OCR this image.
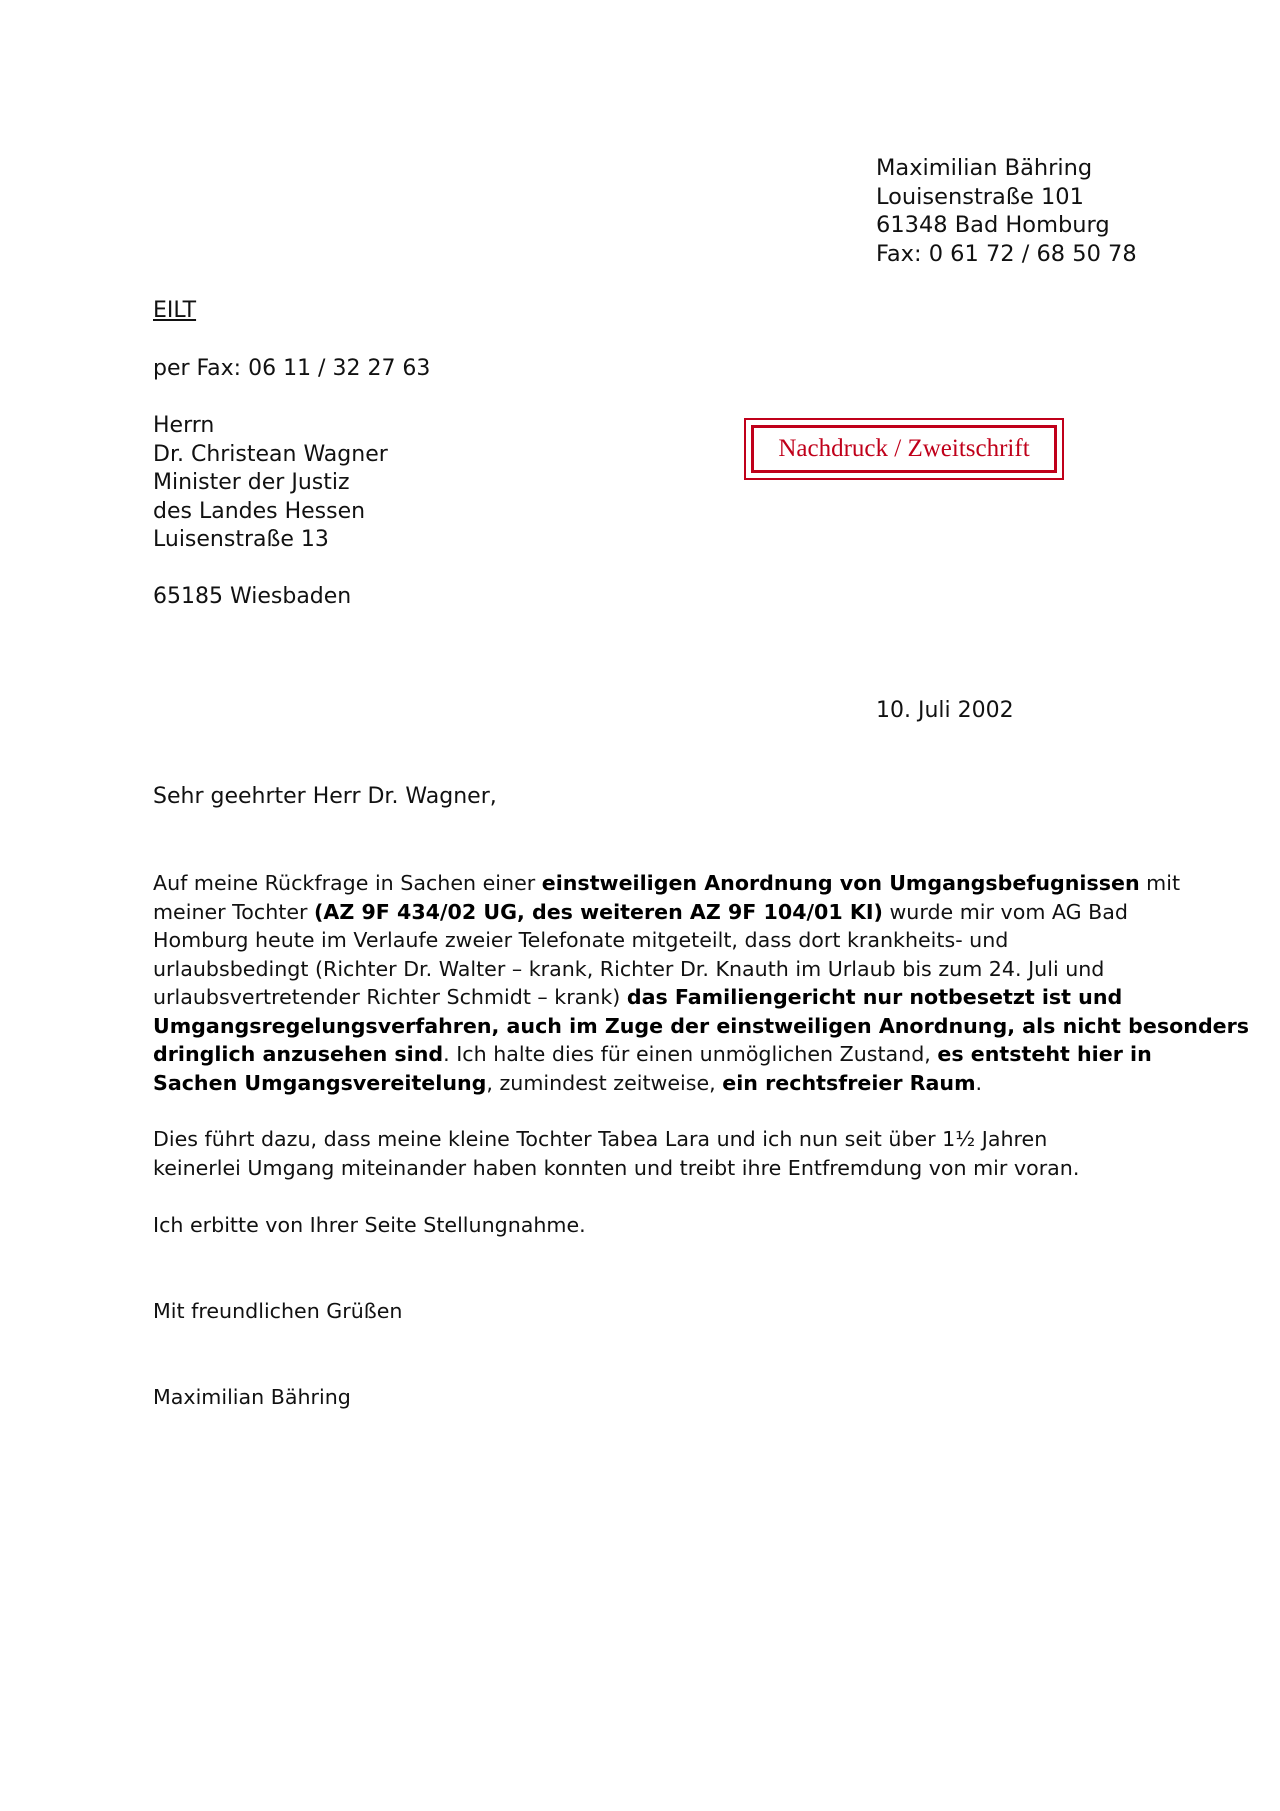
Maximilian Bähring
Louisenstraße 101
61348 Bad Homburg
Fax: 0 61 72 / 68 50 78
EILT
per Fax: 06 11 / 32 27 63
Herrn
Dr. Christean Wagner
Minister der Justiz
des Landes Hessen
Luisenstraße 13
65185 Wiesbaden
Nachdruck / Zweitschrift
10. Juli 2002
Sehr geehrter Herr Dr. Wagner,
Auf meine Rückfrage in Sachen einer einstweiligen Anordnung von Umgangsbefugnissen mit
meiner Tochter (AZ 9F 434/02 UG, des weiteren AZ 9F 104/01 KI) wurde mir vom AG Bad
Homburg heute im Verlaufe zweier Telefonate mitgeteilt, dass dort krankheits- und
urlaubsbedingt (Richter Dr. Walter – krank, Richter Dr. Knauth im Urlaub bis zum 24. Juli und
urlaubsvertretender Richter Schmidt – krank) das Familiengericht nur notbesetzt ist und
Umgangsregelungsverfahren, auch im Zuge der einstweiligen Anordnung, als nicht besonders
dringlich anzusehen sind. Ich halte dies für einen unmöglichen Zustand, es entsteht hier in
Sachen Umgangsvereitelung, zumindest zeitweise, ein rechtsfreier Raum.
Dies führt dazu, dass meine kleine Tochter Tabea Lara und ich nun seit über 1½ Jahren
keinerlei Umgang miteinander haben konnten und treibt ihre Entfremdung von mir voran.
Ich erbitte von Ihrer Seite Stellungnahme.
Mit freundlichen Grüßen
Maximilian Bähring
